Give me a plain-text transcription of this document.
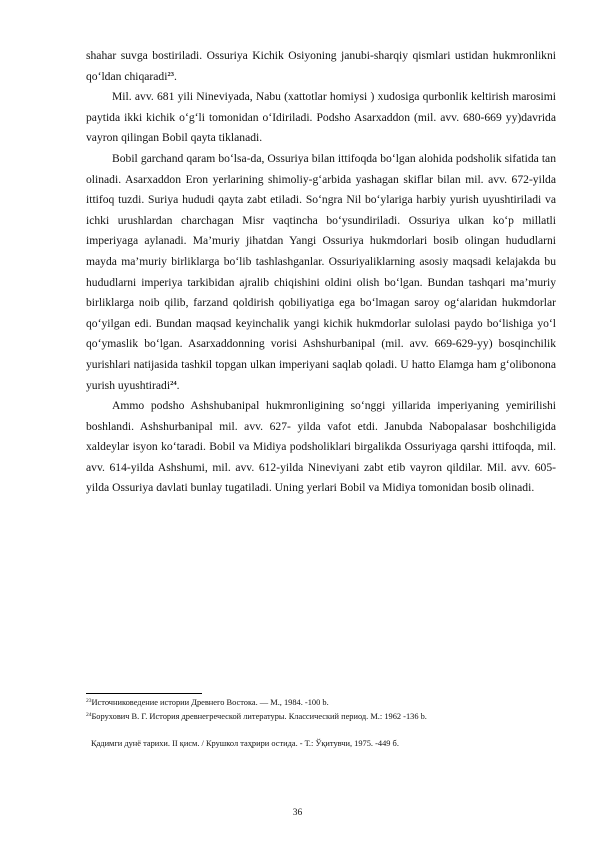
shahar suvga bostiriladi. Ossuriya Kichik Osiyoning janubi-sharqiy qismlari ustidan hukmronlikni qo‘ldan chiqaradi$^{23}$.

Mil. avv. 681 yili Nineviyada, Nabu (xattotlar homiysi ) xudosiga qurbonlik keltirish marosimi paytida ikki kichik o‘g‘li tomonidan o‘Idiriladi. Podsho Asarxaddon (mil. avv. 680-669 yy)davrida vayron qilingan Bobil qayta tiklanadi.

Bobil garchand qaram bo‘lsa-da, Ossuriya bilan ittifoqda bo‘lgan alohida podsholik sifatida tan olinadi. Asarxaddon Eron yerlarining shimoliy-g‘arbida yashagan skiflar bilan mil. avv. 672-yilda ittifoq tuzdi. Suriya hududi qayta zabt etiladi. So‘ngra Nil bo‘ylariga harbiy yurish uyushtiriladi va ichki urushlardan charchagan Misr vaqtincha bo‘ysundiriladi. Ossuriya ulkan ko‘p millatli imperiyaga aylanadi. Ma’muriy jihatdan Yangi Ossuriya hukmdorlari bosib olingan hududlarni mayda ma’muriy birliklarga bo‘lib tashlashganlar. Ossuriyaliklarning asosiy maqsadi kelajakda bu hududlarni imperiya tarkibidan ajralib chiqishini oldini olish bo‘lgan. Bundan tashqari ma’muriy birliklarga noib qilib, farzand qoldirish qobiliyatiga ega bo‘lmagan saroy og‘alaridan hukmdorlar qo‘yilgan edi. Bundan maqsad keyinchalik yangi kichik hukmdorlar sulolasi paydo bo‘lishiga yo‘l qo‘ymaslik bo‘lgan. Asarxaddonning vorisi Ashshurbanipal (mil. avv. 669-629-yy) bosqinchilik yurishlari natijasida tashkil topgan ulkan imperiyani saqlab qoladi. U hatto Elamga ham g‘olibonona yurish uyushtiradi$^{24}$.

Ammo podsho Ashshubanipal hukmronligining so‘nggi yillarida imperiyaning yemirilishi boshlandi. Ashshurbanipal mil. avv. 627- yilda vafot etdi. Janubda Nabopalasar boshchiligida xaldeylar isyon ko‘taradi. Bobil va Midiya podsholiklari birgalikda Ossuriyaga qarshi ittifoqda, mil. avv. 614-yilda Ashshumi, mil. avv. 612-yilda Nineviyani zabt etib vayron qildilar. Mil. avv. 605-yilda Ossuriya davlati bunlay tugatiladi. Uning yerlari Bobil va Midiya tomonidan bosib olinadi.

$^{23}$Источниковедение истории Древнего Востока. — М., 1984. -100 b.
$^{24}$Борухович В. Г. История древнегреческой литературы. Классический период. М.: 1962 -136 b.
Қадимги дунё тарихи. II қисм. / Крушкол таҳрири остида. - Т.: Ўқитувчи, 1975. -449 б.
36
